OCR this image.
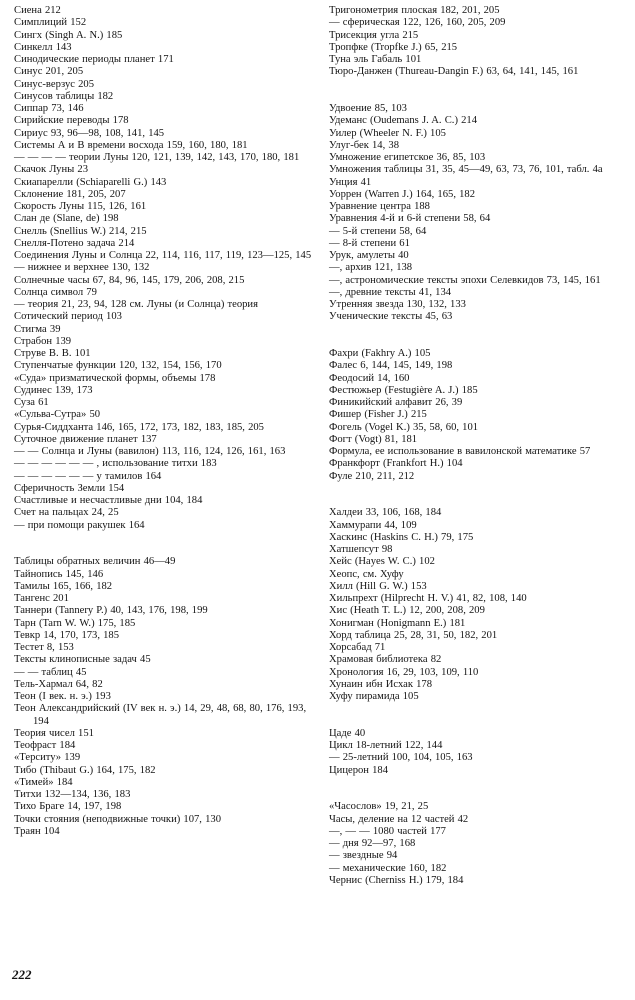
Сиена 212
Симплиций 152
Сингх (Singh A. N.) 185
Синкелл 143
Синодические периоды планет 171
Синус 201, 205
Синус-верзус 205
Синусов таблицы 182
Сиппар 73, 146
Сирийские переводы 178
Сириус 93, 96—98, 108, 141, 145
Системы А и В времени восхода 159, 160, 180, 181
— — — — теории Луны 120, 121, 139, 142, 143, 170, 180, 181
Скачок Луны 23
Скиапарелли (Schiaparelli G.) 143
Склонение 181, 205, 207
Скорость Луны 115, 126, 161
Слан де (Slane, de) 198
Снелль (Snellius W.) 214, 215
Снелля-Потено задача 214
Соединения Луны и Солнца 22, 114, 116, 117, 119, 123—125, 145
— нижнее и верхнее 130, 132
Солнечные часы 67, 84, 96, 145, 179, 206, 208, 215
Солнца символ 79
— теория 21, 23, 94, 128 см. Луны (и Солнца) теория
Сотический период 103
Стигма 39
Страбон 139
Струве В. В. 101
Ступенчатые функции 120, 132, 154, 156, 170
«Суда» призматической формы, объемы 178
Судинес 139, 173
Суза 61
«Сульва-Сутра» 50
Сурья-Сиддханта 146, 165, 172, 173, 182, 183, 185, 205
Суточное движение планет 137
— — Солнца и Луны (вавилон) 113, 116, 124, 126, 161, 163
— — — — — — , использование титхи 183
— — — — — — у тамилов 164
Сферичность Земли 154
Счастливые и несчастливые дни 104, 184
Счет на пальцах 24, 25
— при помощи ракушек 164
Таблицы обратных величин 46—49
Тайнопись 145, 146
Тамилы 165, 166, 182
Тангенс 201
Таннери (Tannery P.) 40, 143, 176, 198, 199
Тарн (Tarn W. W.) 175, 185
Тевкр 14, 170, 173, 185
Тестет 8, 153
Тексты клинописные задач 45
— — таблиц 45
Тель-Хармал 64, 82
Теон (I век. н. э.) 193
Теон Александрийский (IV век н. э.) 14, 29, 48, 68, 80, 176, 193, 194
Теория чисел 151
Теофраст 184
«Терситу» 139
Тибо (Thibaut G.) 164, 175, 182
«Тимей» 184
Титхи 132—134, 136, 183
Тихо Браге 14, 197, 198
Точки стояния (неподвижные точки) 107, 130
Траян 104
Тригонометрия плоская 182, 201, 205
— сферическая 122, 126, 160, 205, 209
Трисекция угла 215
Тропфке (Tropfke J.) 65, 215
Туна эль Габаль 101
Тюро-Данжен (Thureau-Dangin F.) 63, 64, 141, 145, 161
Удвоение 85, 103
Удеманс (Oudemans J. A. C.) 214
Уилер (Wheeler N. F.) 105
Улуг-бек 14, 38
Умножение египетское 36, 85, 103
Умножения таблицы 31, 35, 45—49, 63, 73, 76, 101, табл. 4а
Унция 41
Уоррен (Warren J.) 164, 165, 182
Уравнение центра 188
Уравнения 4-й и 6-й степени 58, 64
— 5-й степени 58, 64
— 8-й степени 61
Урук, амулеты 40
—, архив 121, 138
—, астрономические тексты эпохи Селевкидов 73, 145, 161
—, древние тексты 41, 134
Утренняя звезда 130, 132, 133
Ученические тексты 45, 63
Фахри (Fakhry A.) 105
Фалес 6, 144, 145, 149, 198
Феодосий 14, 160
Фестюжьер (Festugière A. J.) 185
Финикийский алфавит 26, 39
Фишер (Fisher J.) 215
Фогель (Vogel K.) 35, 58, 60, 101
Фогт (Vogt) 81, 181
Формула, ее использование в вавилонской математике 57
Франкфорт (Frankfort H.) 104
Фуле 210, 211, 212
Халдеи 33, 106, 168, 184
Хаммурапи 44, 109
Хаскинс (Haskins C. H.) 79, 175
Хатшепсут 98
Хейс (Hayes W. C.) 102
Хеопс, см. Хуфу
Хилл (Hill G. W.) 153
Хильпрехт (Hilprecht H. V.) 41, 82, 108, 140
Хис (Heath T. L.) 12, 200, 208, 209
Хонигман (Honigmann E.) 181
Хорд таблица 25, 28, 31, 50, 182, 201
Хорсабад 71
Храмовая библиотека 82
Хронология 16, 29, 103, 109, 110
Хунаин ибн Исхак 178
Хуфу пирамида 105
Цаде 40
Цикл 18-летний 122, 144
— 25-летний 100, 104, 105, 163
Цицерон 184
«Часослов» 19, 21, 25
Часы, деление на 12 частей 42
—, — — 1080 частей 177
— дня 92—97, 168
— звездные 94
— механические 160, 182
Чернис (Cherniss H.) 179, 184
222
